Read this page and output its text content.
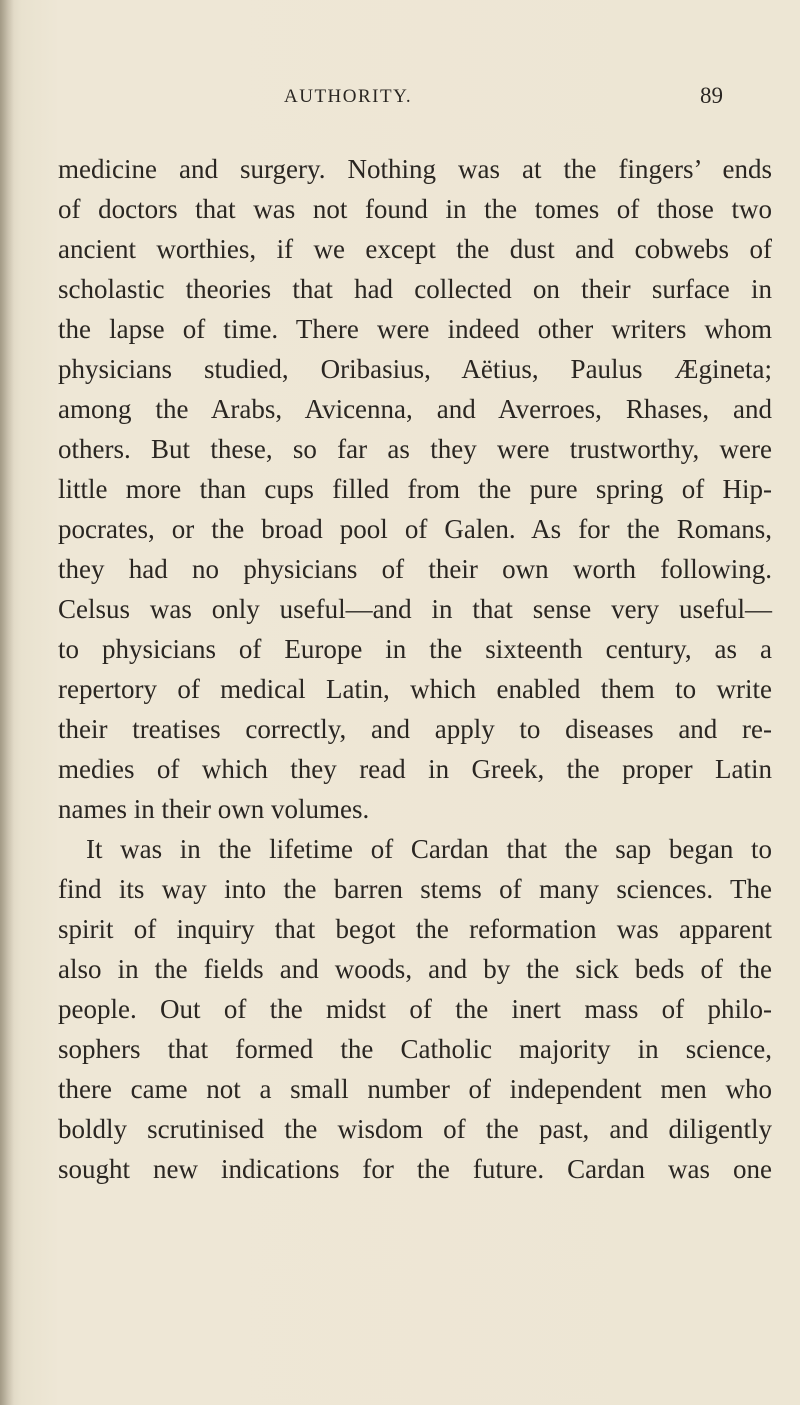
AUTHORITY.	89
medicine and surgery. Nothing was at the fingers’ ends
of doctors that was not found in the tomes of those two
ancient worthies, if we except the dust and cobwebs of
scholastic theories that had collected on their surface in
the lapse of time. There were indeed other writers whom
physicians studied, Oribasius, Aëtius, Paulus Ægineta;
among the Arabs, Avicenna, and Averroes, Rhases, and
others. But these, so far as they were trustworthy, were
little more than cups filled from the pure spring of Hip-
pocrates, or the broad pool of Galen. As for the Romans,
they had no physicians of their own worth following.
Celsus was only useful—and in that sense very useful—
to physicians of Europe in the sixteenth century, as a
repertory of medical Latin, which enabled them to write
their treatises correctly, and apply to diseases and re-
medies of which they read in Greek, the proper Latin
names in their own volumes.
It was in the lifetime of Cardan that the sap began to
find its way into the barren stems of many sciences. The
spirit of inquiry that begot the reformation was apparent
also in the fields and woods, and by the sick beds of the
people. Out of the midst of the inert mass of philo-
sophers that formed the Catholic majority in science,
there came not a small number of independent men who
boldly scrutinised the wisdom of the past, and diligently
sought new indications for the future. Cardan was one
